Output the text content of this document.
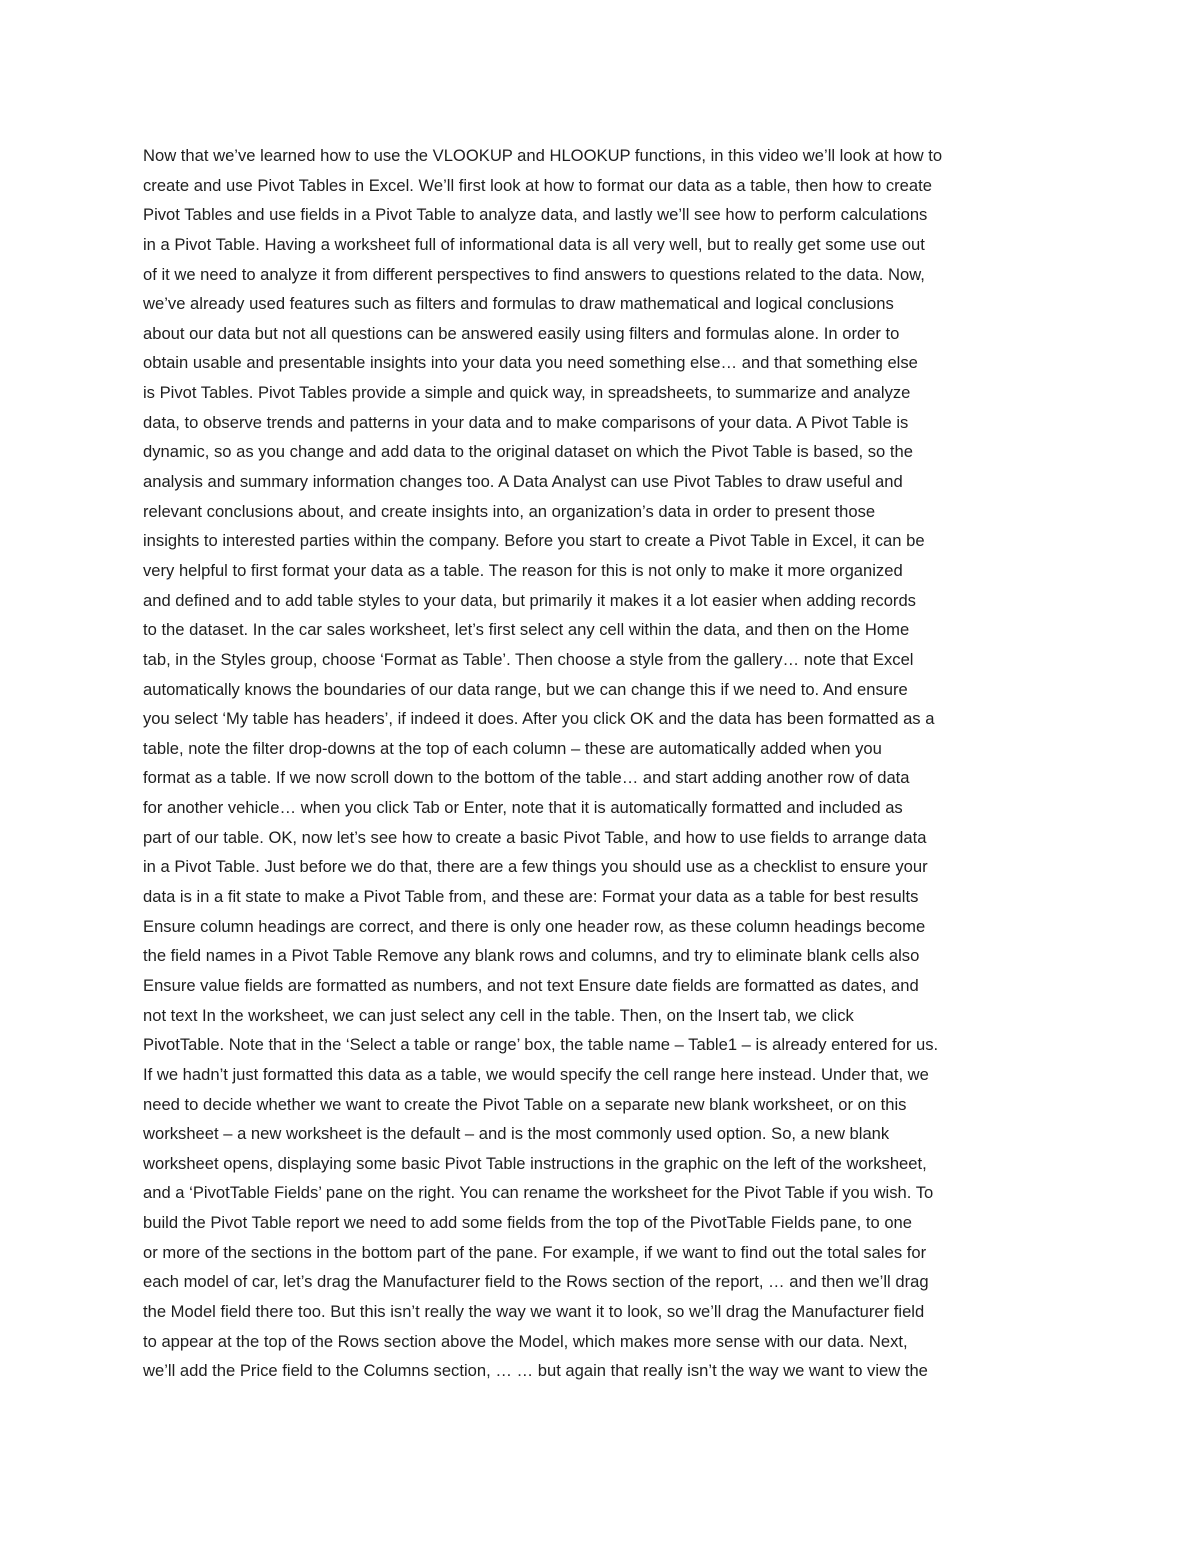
Now that we’ve learned how to use the VLOOKUP and HLOOKUP functions, in this video we’ll look at how to
create and use Pivot Tables in Excel. We’ll first look at how to format our data as a table, then how to create
Pivot Tables and use fields in a Pivot Table to analyze data, and lastly we’ll see how to perform calculations
in a Pivot Table. Having a worksheet full of informational data is all very well, but to really get some use out
of it we need to analyze it from different perspectives to find answers to questions related to the data. Now,
we’ve already used features such as filters and formulas to draw mathematical and logical conclusions
about our data but not all questions can be answered easily using filters and formulas alone. In order to
obtain usable and presentable insights into your data you need something else… and that something else
is Pivot Tables. Pivot Tables provide a simple and quick way, in spreadsheets, to summarize and analyze
data, to observe trends and patterns in your data and to make comparisons of your data. A Pivot Table is
dynamic, so as you change and add data to the original dataset on which the Pivot Table is based, so the
analysis and summary information changes too. A Data Analyst can use Pivot Tables to draw useful and
relevant conclusions about, and create insights into, an organization’s data in order to present those
insights to interested parties within the company. Before you start to create a Pivot Table in Excel, it can be
very helpful to first format your data as a table. The reason for this is not only to make it more organized
and defined and to add table styles to your data, but primarily it makes it a lot easier when adding records
to the dataset. In the car sales worksheet, let’s first select any cell within the data, and then on the Home
tab, in the Styles group, choose ‘Format as Table’. Then choose a style from the gallery… note that Excel
automatically knows the boundaries of our data range, but we can change this if we need to. And ensure
you select ‘My table has headers’, if indeed it does. After you click OK and the data has been formatted as a
table, note the filter drop-downs at the top of each column – these are automatically added when you
format as a table. If we now scroll down to the bottom of the table… and start adding another row of data
for another vehicle… when you click Tab or Enter, note that it is automatically formatted and included as
part of our table. OK, now let’s see how to create a basic Pivot Table, and how to use fields to arrange data
in a Pivot Table. Just before we do that, there are a few things you should use as a checklist to ensure your
data is in a fit state to make a Pivot Table from, and these are: Format your data as a table for best results
Ensure column headings are correct, and there is only one header row, as these column headings become
the field names in a Pivot Table Remove any blank rows and columns, and try to eliminate blank cells also
Ensure value fields are formatted as numbers, and not text Ensure date fields are formatted as dates, and
not text In the worksheet, we can just select any cell in the table. Then, on the Insert tab, we click
PivotTable. Note that in the ‘Select a table or range’ box, the table name – Table1 – is already entered for us.
If we hadn’t just formatted this data as a table, we would specify the cell range here instead. Under that, we
need to decide whether we want to create the Pivot Table on a separate new blank worksheet, or on this
worksheet – a new worksheet is the default – and is the most commonly used option. So, a new blank
worksheet opens, displaying some basic Pivot Table instructions in the graphic on the left of the worksheet,
and a ‘PivotTable Fields’ pane on the right. You can rename the worksheet for the Pivot Table if you wish. To
build the Pivot Table report we need to add some fields from the top of the PivotTable Fields pane, to one
or more of the sections in the bottom part of the pane. For example, if we want to find out the total sales for
each model of car, let’s drag the Manufacturer field to the Rows section of the report, … and then we’ll drag
the Model field there too. But this isn’t really the way we want it to look, so we’ll drag the Manufacturer field
to appear at the top of the Rows section above the Model, which makes more sense with our data. Next,
we’ll add the Price field to the Columns section, … … but again that really isn’t the way we want to view the
